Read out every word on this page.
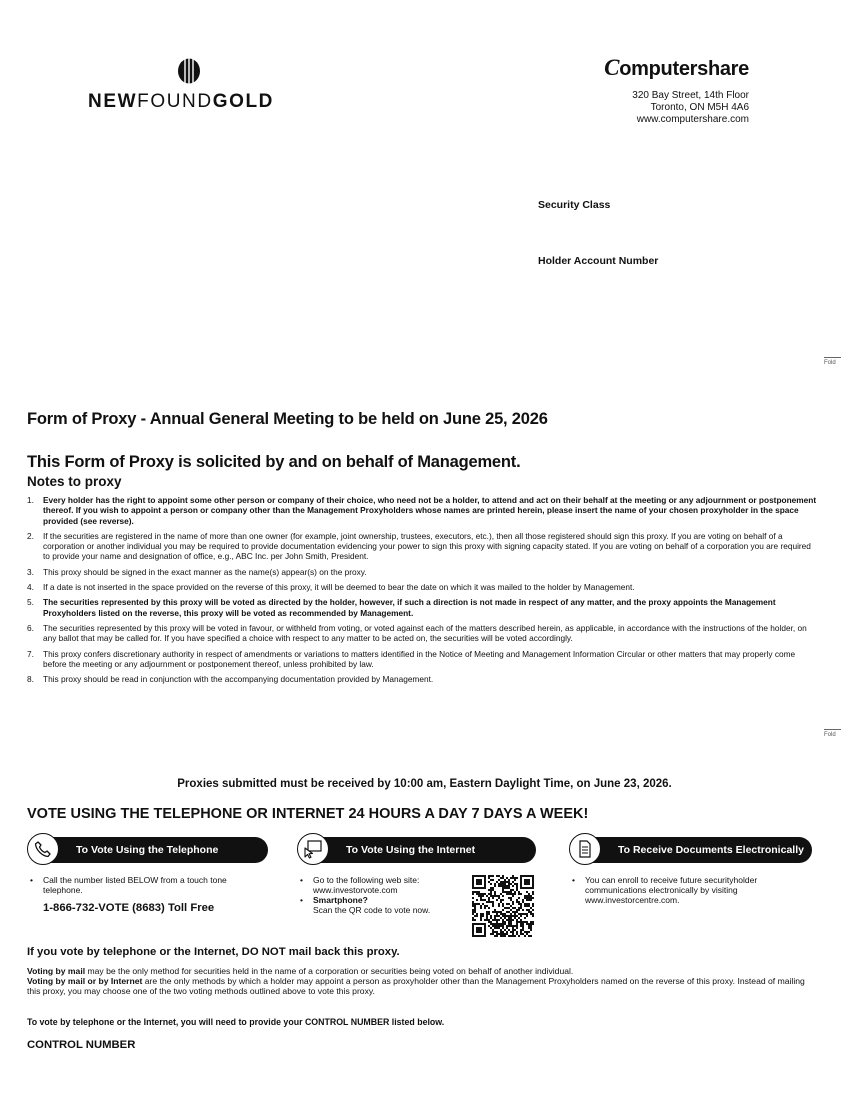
NEWFOUNDGOLD
Computershare
320 Bay Street, 14th Floor
Toronto, ON M5H 4A6
www.computershare.com
Security Class
Holder Account Number
Fold
Fold
Form of Proxy - Annual General Meeting to be held on June 25, 2026
This Form of Proxy is solicited by and on behalf of Management.
Notes to proxy
1.	Every holder has the right to appoint some other person or company of their choice, who need not be a holder, to attend and act on their behalf at the meeting or any adjournment or postponement thereof. If you wish to appoint a person or company other than the Management Proxyholders whose names are printed herein, please insert the name of your chosen proxyholder in the space provided (see reverse).
2.	If the securities are registered in the name of more than one owner (for example, joint ownership, trustees, executors, etc.), then all those registered should sign this proxy. If you are voting on behalf of a corporation or another individual you may be required to provide documentation evidencing your power to sign this proxy with signing capacity stated. If you are voting on behalf of a corporation you are required to provide your name and designation of office, e.g., ABC Inc. per John Smith, President.
3.	This proxy should be signed in the exact manner as the name(s) appear(s) on the proxy.
4.	If a date is not inserted in the space provided on the reverse of this proxy, it will be deemed to bear the date on which it was mailed to the holder by Management.
5.	The securities represented by this proxy will be voted as directed by the holder, however, if such a direction is not made in respect of any matter, and the proxy appoints the Management Proxyholders listed on the reverse, this proxy will be voted as recommended by Management.
6.	The securities represented by this proxy will be voted in favour, or withheld from voting, or voted against each of the matters described herein, as applicable, in accordance with the instructions of the holder, on any ballot that may be called for. If you have specified a choice with respect to any matter to be acted on, the securities will be voted accordingly.
7.	This proxy confers discretionary authority in respect of amendments or variations to matters identified in the Notice of Meeting and Management Information Circular or other matters that may properly come before the meeting or any adjournment or postponement thereof, unless prohibited by law.
8.	This proxy should be read in conjunction with the accompanying documentation provided by Management.
Proxies submitted must be received by 10:00 am, Eastern Daylight Time, on June 23, 2026.
VOTE USING THE TELEPHONE OR INTERNET 24 HOURS A DAY 7 DAYS A WEEK!
To Vote Using the Telephone	To Vote Using the Internet	To Receive Documents Electronically
•	Call the number listed BELOW from a touch tone telephone.
1-866-732-VOTE (8683) Toll Free
•	Go to the following web site:
www.investorvote.com
•	Smartphone?
Scan the QR code to vote now.
•	You can enroll to receive future securityholder communications electronically by visiting www.investorcentre.com.
If you vote by telephone or the Internet, DO NOT mail back this proxy.
Voting by mail may be the only method for securities held in the name of a corporation or securities being voted on behalf of another individual.
Voting by mail or by Internet are the only methods by which a holder may appoint a person as proxyholder other than the Management Proxyholders named on the reverse of this proxy. Instead of mailing this proxy, you may choose one of the two voting methods outlined above to vote this proxy.
To vote by telephone or the Internet, you will need to provide your CONTROL NUMBER listed below.
CONTROL NUMBER
